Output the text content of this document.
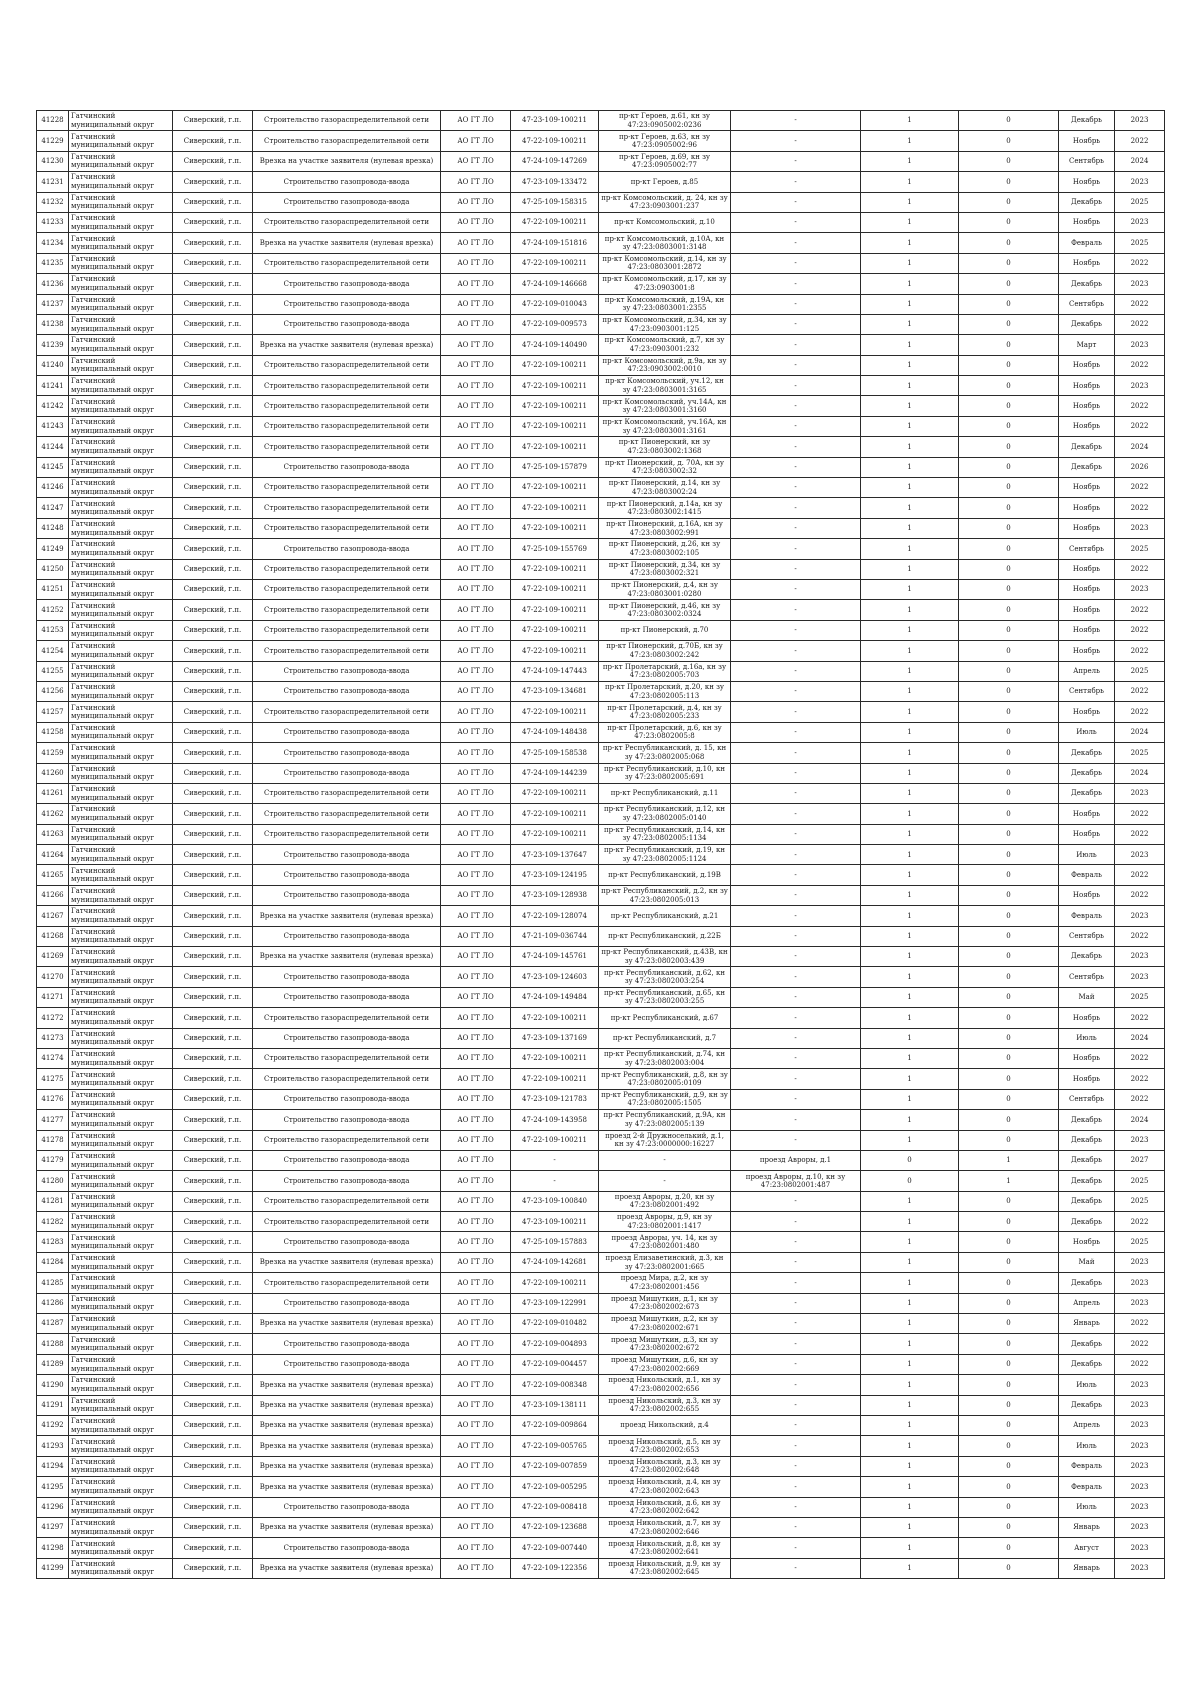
41228	Гатчинский муниципальный округ	Сиверский, г.п.	Строительство газораспределительной сети	АО ГТ ЛО	47-23-109-100211	пр-кт Героев, д.61, кн зу 47:23:0905002:0236	-	1	0	Декабрь	2023
41229	Гатчинский муниципальный округ	Сиверский, г.п.	Строительство газораспределительной сети	АО ГТ ЛО	47-22-109-100211	пр-кт Героев, д.63, кн зу 47:23:0905002:96	-	1	0	Ноябрь	2022
41230	Гатчинский муниципальный округ	Сиверский, г.п.	Врезка на участке заявителя (нулевая врезка)	АО ГТ ЛО	47-24-109-147269	пр-кт Героев, д.69, кн зу 47:23:0905002:77	-	1	0	Сентябрь	2024
41231	Гатчинский муниципальный округ	Сиверский, г.п.	Строительство газопровода-ввода	АО ГТ ЛО	47-23-109-133472	пр-кт Героев, д.85	-	1	0	Ноябрь	2023
41232	Гатчинский муниципальный округ	Сиверский, г.п.	Строительство газопровода-ввода	АО ГТ ЛО	47-25-109-158315	пр-кт Комсомольский, д. 24, кн зу 47:23:0903001:237	-	1	0	Декабрь	2025
41233	Гатчинский муниципальный округ	Сиверский, г.п.	Строительство газораспределительной сети	АО ГТ ЛО	47-22-109-100211	пр-кт Комсомольский, д.10	-	1	0	Ноябрь	2023
41234	Гатчинский муниципальный округ	Сиверский, г.п.	Врезка на участке заявителя (нулевая врезка)	АО ГТ ЛО	47-24-109-151816	пр-кт Комсомольский, д.10А, кн зу 47:23:0803001:3148	-	1	0	Февраль	2025
41235	Гатчинский муниципальный округ	Сиверский, г.п.	Строительство газораспределительной сети	АО ГТ ЛО	47-22-109-100211	пр-кт Комсомольский, д.14, кн зу 47:23:0803001:2872	-	1	0	Ноябрь	2022
41236	Гатчинский муниципальный округ	Сиверский, г.п.	Строительство газопровода-ввода	АО ГТ ЛО	47-24-109-146668	пр-кт Комсомольский, д.17, кн зу 47:23:0903001:8	-	1	0	Декабрь	2023
41237	Гатчинский муниципальный округ	Сиверский, г.п.	Строительство газопровода-ввода	АО ГТ ЛО	47-22-109-010043	пр-кт Комсомольский, д.19А, кн зу 47:23:0803001:2355	-	1	0	Сентябрь	2022
41238	Гатчинский муниципальный округ	Сиверский, г.п.	Строительство газопровода-ввода	АО ГТ ЛО	47-22-109-009573	пр-кт Комсомольский, д.34, кн зу 47:23:0903001:125	-	1	0	Декабрь	2022
41239	Гатчинский муниципальный округ	Сиверский, г.п.	Врезка на участке заявителя (нулевая врезка)	АО ГТ ЛО	47-24-109-140490	пр-кт Комсомольский, д.7, кн зу 47:23:0903001:232	-	1	0	Март	2023
41240	Гатчинский муниципальный округ	Сиверский, г.п.	Строительство газораспределительной сети	АО ГТ ЛО	47-22-109-100211	пр-кт Комсомольский, д.9а, кн зу 47:23:0903002:0010	-	1	0	Ноябрь	2022
41241	Гатчинский муниципальный округ	Сиверский, г.п.	Строительство газораспределительной сети	АО ГТ ЛО	47-22-109-100211	пр-кт Комсомольский, уч.12, кн зу 47:23:0803001:3165	-	1	0	Ноябрь	2023
41242	Гатчинский муниципальный округ	Сиверский, г.п.	Строительство газораспределительной сети	АО ГТ ЛО	47-22-109-100211	пр-кт Комсомольский, уч.14А, кн зу 47:23:0803001:3160	-	1	0	Ноябрь	2022
41243	Гатчинский муниципальный округ	Сиверский, г.п.	Строительство газораспределительной сети	АО ГТ ЛО	47-22-109-100211	пр-кт Комсомольский, уч.16А, кн зу 47:23:0803001:3161	-	1	0	Ноябрь	2022
41244	Гатчинский муниципальный округ	Сиверский, г.п.	Строительство газораспределительной сети	АО ГТ ЛО	47-22-109-100211	пр-кт Пионерский, кн зу 47:23:0803002:1368	-	1	0	Декабрь	2024
41245	Гатчинский муниципальный округ	Сиверский, г.п.	Строительство газопровода-ввода	АО ГТ ЛО	47-25-109-157879	пр-кт Пионерский, д. 70А, кн зу 47:23:0803002:32	-	1	0	Декабрь	2026
41246	Гатчинский муниципальный округ	Сиверский, г.п.	Строительство газораспределительной сети	АО ГТ ЛО	47-22-109-100211	пр-кт Пионерский, д.14, кн зу 47:23:0803002:24	-	1	0	Ноябрь	2022
41247	Гатчинский муниципальный округ	Сиверский, г.п.	Строительство газораспределительной сети	АО ГТ ЛО	47-22-109-100211	пр-кт Пионерский, д.14а, кн зу 47:23:0803002:1415	-	1	0	Ноябрь	2022
41248	Гатчинский муниципальный округ	Сиверский, г.п.	Строительство газораспределительной сети	АО ГТ ЛО	47-22-109-100211	пр-кт Пионерский, д.16А, кн зу 47:23:0803002:991	-	1	0	Ноябрь	2023
41249	Гатчинский муниципальный округ	Сиверский, г.п.	Строительство газопровода-ввода	АО ГТ ЛО	47-25-109-155769	пр-кт Пионерский, д.26, кн зу 47:23:0803002:105	-	1	0	Сентябрь	2025
41250	Гатчинский муниципальный округ	Сиверский, г.п.	Строительство газораспределительной сети	АО ГТ ЛО	47-22-109-100211	пр-кт Пионерский, д.34, кн зу 47:23:0803002:321	-	1	0	Ноябрь	2022
41251	Гатчинский муниципальный округ	Сиверский, г.п.	Строительство газораспределительной сети	АО ГТ ЛО	47-22-109-100211	пр-кт Пионерский, д.4, кн зу 47:23:0803001:0280	-	1	0	Ноябрь	2023
41252	Гатчинский муниципальный округ	Сиверский, г.п.	Строительство газораспределительной сети	АО ГТ ЛО	47-22-109-100211	пр-кт Пионерский, д.46, кн зу 47:23:0803002:0324	-	1	0	Ноябрь	2022
41253	Гатчинский муниципальный округ	Сиверский, г.п.	Строительство газораспределительной сети	АО ГТ ЛО	47-22-109-100211	пр-кт Пионерский, д.70	-	1	0	Ноябрь	2022
41254	Гатчинский муниципальный округ	Сиверский, г.п.	Строительство газораспределительной сети	АО ГТ ЛО	47-22-109-100211	пр-кт Пионерский, д.70Б, кн зу 47:23:0803002:242	-	1	0	Ноябрь	2022
41255	Гатчинский муниципальный округ	Сиверский, г.п.	Строительство газопровода-ввода	АО ГТ ЛО	47-24-109-147443	пр-кт Пролетарский, д.16а, кн зу 47:23:0802005:703	-	1	0	Апрель	2025
41256	Гатчинский муниципальный округ	Сиверский, г.п.	Строительство газопровода-ввода	АО ГТ ЛО	47-23-109-134681	пр-кт Пролетарский, д.20, кн зу 47:23:0802005:113	-	1	0	Сентябрь	2022
41257	Гатчинский муниципальный округ	Сиверский, г.п.	Строительство газораспределительной сети	АО ГТ ЛО	47-22-109-100211	пр-кт Пролетарский, д.4, кн зу 47:23:0802005:233	-	1	0	Ноябрь	2022
41258	Гатчинский муниципальный округ	Сиверский, г.п.	Строительство газопровода-ввода	АО ГТ ЛО	47-24-109-148438	пр-кт Пролетарский, д.6, кн зу 47:23:0802005:8	-	1	0	Июль	2024
41259	Гатчинский муниципальный округ	Сиверский, г.п.	Строительство газопровода-ввода	АО ГТ ЛО	47-25-109-158538	пр-кт Республиканский, д. 15, кн зу 47:23:0802005:068	-	1	0	Декабрь	2025
41260	Гатчинский муниципальный округ	Сиверский, г.п.	Строительство газопровода-ввода	АО ГТ ЛО	47-24-109-144239	пр-кт Республиканский, д.10, кн зу 47:23:0802005:691	-	1	0	Декабрь	2024
41261	Гатчинский муниципальный округ	Сиверский, г.п.	Строительство газораспределительной сети	АО ГТ ЛО	47-22-109-100211	пр-кт Республиканский, д.11	-	1	0	Декабрь	2023
41262	Гатчинский муниципальный округ	Сиверский, г.п.	Строительство газораспределительной сети	АО ГТ ЛО	47-22-109-100211	пр-кт Республиканский, д.12, кн зу 47:23:0802005:0140	-	1	0	Ноябрь	2022
41263	Гатчинский муниципальный округ	Сиверский, г.п.	Строительство газораспределительной сети	АО ГТ ЛО	47-22-109-100211	пр-кт Республиканский, д.14, кн зу 47:23:0802005:1134	-	1	0	Ноябрь	2022
41264	Гатчинский муниципальный округ	Сиверский, г.п.	Строительство газопровода-ввода	АО ГТ ЛО	47-23-109-137647	пр-кт Республиканский, д.19, кн зу 47:23:0802005:1124	-	1	0	Июль	2023
41265	Гатчинский муниципальный округ	Сиверский, г.п.	Строительство газопровода-ввода	АО ГТ ЛО	47-23-109-124195	пр-кт Республиканский, д.19В	-	1	0	Февраль	2022
41266	Гатчинский муниципальный округ	Сиверский, г.п.	Строительство газопровода-ввода	АО ГТ ЛО	47-23-109-128938	пр-кт Республиканский, д.2, кн зу 47:23:0802005:013	-	1	0	Ноябрь	2022
41267	Гатчинский муниципальный округ	Сиверский, г.п.	Врезка на участке заявителя (нулевая врезка)	АО ГТ ЛО	47-22-109-128074	пр-кт Республиканский, д.21	-	1	0	Февраль	2023
41268	Гатчинский муниципальный округ	Сиверский, г.п.	Строительство газопровода-ввода	АО ГТ ЛО	47-21-109-036744	пр-кт Республиканский, д.22Б	-	1	0	Сентябрь	2022
41269	Гатчинский муниципальный округ	Сиверский, г.п.	Врезка на участке заявителя (нулевая врезка)	АО ГТ ЛО	47-24-109-145761	пр-кт Республиканский, д.43В, кн зу 47:23:0802003:439	-	1	0	Декабрь	2023
41270	Гатчинский муниципальный округ	Сиверский, г.п.	Строительство газопровода-ввода	АО ГТ ЛО	47-23-109-124603	пр-кт Республиканский, д.62, кн зу 47:23:0802003:254	-	1	0	Сентябрь	2023
41271	Гатчинский муниципальный округ	Сиверский, г.п.	Строительство газопровода-ввода	АО ГТ ЛО	47-24-109-149484	пр-кт Республиканский, д.65, кн зу 47:23:0802003:255	-	1	0	Май	2025
41272	Гатчинский муниципальный округ	Сиверский, г.п.	Строительство газораспределительной сети	АО ГТ ЛО	47-22-109-100211	пр-кт Республиканский, д.67	-	1	0	Ноябрь	2022
41273	Гатчинский муниципальный округ	Сиверский, г.п.	Строительство газопровода-ввода	АО ГТ ЛО	47-23-109-137169	пр-кт Республиканский, д.7	-	1	0	Июль	2024
41274	Гатчинский муниципальный округ	Сиверский, г.п.	Строительство газораспределительной сети	АО ГТ ЛО	47-22-109-100211	пр-кт Республиканский, д.74, кн зу 47:23:0802003:004	-	1	0	Ноябрь	2022
41275	Гатчинский муниципальный округ	Сиверский, г.п.	Строительство газораспределительной сети	АО ГТ ЛО	47-22-109-100211	пр-кт Республиканский, д.8, кн зу 47:23:0802005:0109	-	1	0	Ноябрь	2022
41276	Гатчинский муниципальный округ	Сиверский, г.п.	Строительство газопровода-ввода	АО ГТ ЛО	47-23-109-121783	пр-кт Республиканский, д.9, кн зу 47:23:0802005:1505	-	1	0	Сентябрь	2022
41277	Гатчинский муниципальный округ	Сиверский, г.п.	Строительство газопровода-ввода	АО ГТ ЛО	47-24-109-143958	пр-кт Республиканский, д.9А, кн зу 47:23:0802005:139	-	1	0	Декабрь	2024
41278	Гатчинский муниципальный округ	Сиверский, г.п.	Строительство газораспределительной сети	АО ГТ ЛО	47-22-109-100211	проезд 2-й Дружноселький, д.1, кн зу 47:23:0000000:16227	-	1	0	Декабрь	2023
41279	Гатчинский муниципальный округ	Сиверский, г.п.	Строительство газопровода-ввода	АО ГТ ЛО	-	-	проезд Авроры, д.1	0	1	Декабрь	2027
41280	Гатчинский муниципальный округ	Сиверский, г.п.	Строительство газопровода-ввода	АО ГТ ЛО	-	-	проезд Авроры, д.10, кн зу 47:23:0802001:487	0	1	Декабрь	2025
41281	Гатчинский муниципальный округ	Сиверский, г.п.	Строительство газораспределительной сети	АО ГТ ЛО	47-23-109-100840	проезд Авроры, д.20, кн зу 47:23:0802001:492	-	1	0	Декабрь	2025
41282	Гатчинский муниципальный округ	Сиверский, г.п.	Строительство газораспределительной сети	АО ГТ ЛО	47-23-109-100211	проезд Авроры, д.9, кн зу 47:23:0802001:1417	-	1	0	Декабрь	2022
41283	Гатчинский муниципальный округ	Сиверский, г.п.	Строительство газопровода-ввода	АО ГТ ЛО	47-25-109-157883	проезд Авроры, уч. 14, кн зу 47:23:0802001:480	-	1	0	Ноябрь	2025
41284	Гатчинский муниципальный округ	Сиверский, г.п.	Врезка на участке заявителя (нулевая врезка)	АО ГТ ЛО	47-24-109-142681	проезд Елизаветинский, д.3, кн зу 47:23:0802001:665	-	1	0	Май	2023
41285	Гатчинский муниципальный округ	Сиверский, г.п.	Строительство газораспределительной сети	АО ГТ ЛО	47-22-109-100211	проезд Мира, д.2, кн зу 47:23:0802001:456	-	1	0	Декабрь	2023
41286	Гатчинский муниципальный округ	Сиверский, г.п.	Строительство газопровода-ввода	АО ГТ ЛО	47-23-109-122991	проезд Мишуткин, д.1, кн зу 47:23:0802002:673	-	1	0	Апрель	2023
41287	Гатчинский муниципальный округ	Сиверский, г.п.	Врезка на участке заявителя (нулевая врезка)	АО ГТ ЛО	47-22-109-010482	проезд Мишуткин, д.2, кн зу 47:23:0802002:671	-	1	0	Январь	2022
41288	Гатчинский муниципальный округ	Сиверский, г.п.	Строительство газопровода-ввода	АО ГТ ЛО	47-22-109-004893	проезд Мишуткин, д.3, кн зу 47:23:0802002:672	-	1	0	Декабрь	2022
41289	Гатчинский муниципальный округ	Сиверский, г.п.	Строительство газопровода-ввода	АО ГТ ЛО	47-22-109-004457	проезд Мишуткин, д.6, кн зу 47:23:0802002:669	-	1	0	Декабрь	2022
41290	Гатчинский муниципальный округ	Сиверский, г.п.	Врезка на участке заявителя (нулевая врезка)	АО ГТ ЛО	47-22-109-008348	проезд Никольский, д.1, кн зу 47:23:0802002:656	-	1	0	Июль	2023
41291	Гатчинский муниципальный округ	Сиверский, г.п.	Врезка на участке заявителя (нулевая врезка)	АО ГТ ЛО	47-23-109-138111	проезд Никольский, д.3, кн зу 47:23:0802002:655	-	1	0	Декабрь	2023
41292	Гатчинский муниципальный округ	Сиверский, г.п.	Врезка на участке заявителя (нулевая врезка)	АО ГТ ЛО	47-22-109-009864	проезд Никольский, д.4	-	1	0	Апрель	2023
41293	Гатчинский муниципальный округ	Сиверский, г.п.	Врезка на участке заявителя (нулевая врезка)	АО ГТ ЛО	47-22-109-005765	проезд Никольский, д.5, кн зу 47:23:0802002:653	-	1	0	Июль	2023
41294	Гатчинский муниципальный округ	Сиверский, г.п.	Врезка на участке заявителя (нулевая врезка)	АО ГТ ЛО	47-22-109-007859	проезд Никольский, д.3, кн зу 47:23:0802002:648	-	1	0	Февраль	2023
41295	Гатчинский муниципальный округ	Сиверский, г.п.	Врезка на участке заявителя (нулевая врезка)	АО ГТ ЛО	47-22-109-005295	проезд Никольский, д.4, кн зу 47:23:0802002:643	-	1	0	Февраль	2023
41296	Гатчинский муниципальный округ	Сиверский, г.п.	Строительство газопровода-ввода	АО ГТ ЛО	47-22-109-008418	проезд Никольский, д.6, кн зу 47:23:0802002:642	-	1	0	Июль	2023
41297	Гатчинский муниципальный округ	Сиверский, г.п.	Врезка на участке заявителя (нулевая врезка)	АО ГТ ЛО	47-22-109-123688	проезд Никольский, д.7, кн зу 47:23:0802002:646	-	1	0	Январь	2023
41298	Гатчинский муниципальный округ	Сиверский, г.п.	Строительство газопровода-ввода	АО ГТ ЛО	47-22-109-007440	проезд Никольский, д.8, кн зу 47:23:0802002:641	-	1	0	Август	2023
41299	Гатчинский муниципальный округ	Сиверский, г.п.	Врезка на участке заявителя (нулевая врезка)	АО ГТ ЛО	47-22-109-122356	проезд Никольский, д.9, кн зу 47:23:0802002:645	-	1	0	Январь	2023
